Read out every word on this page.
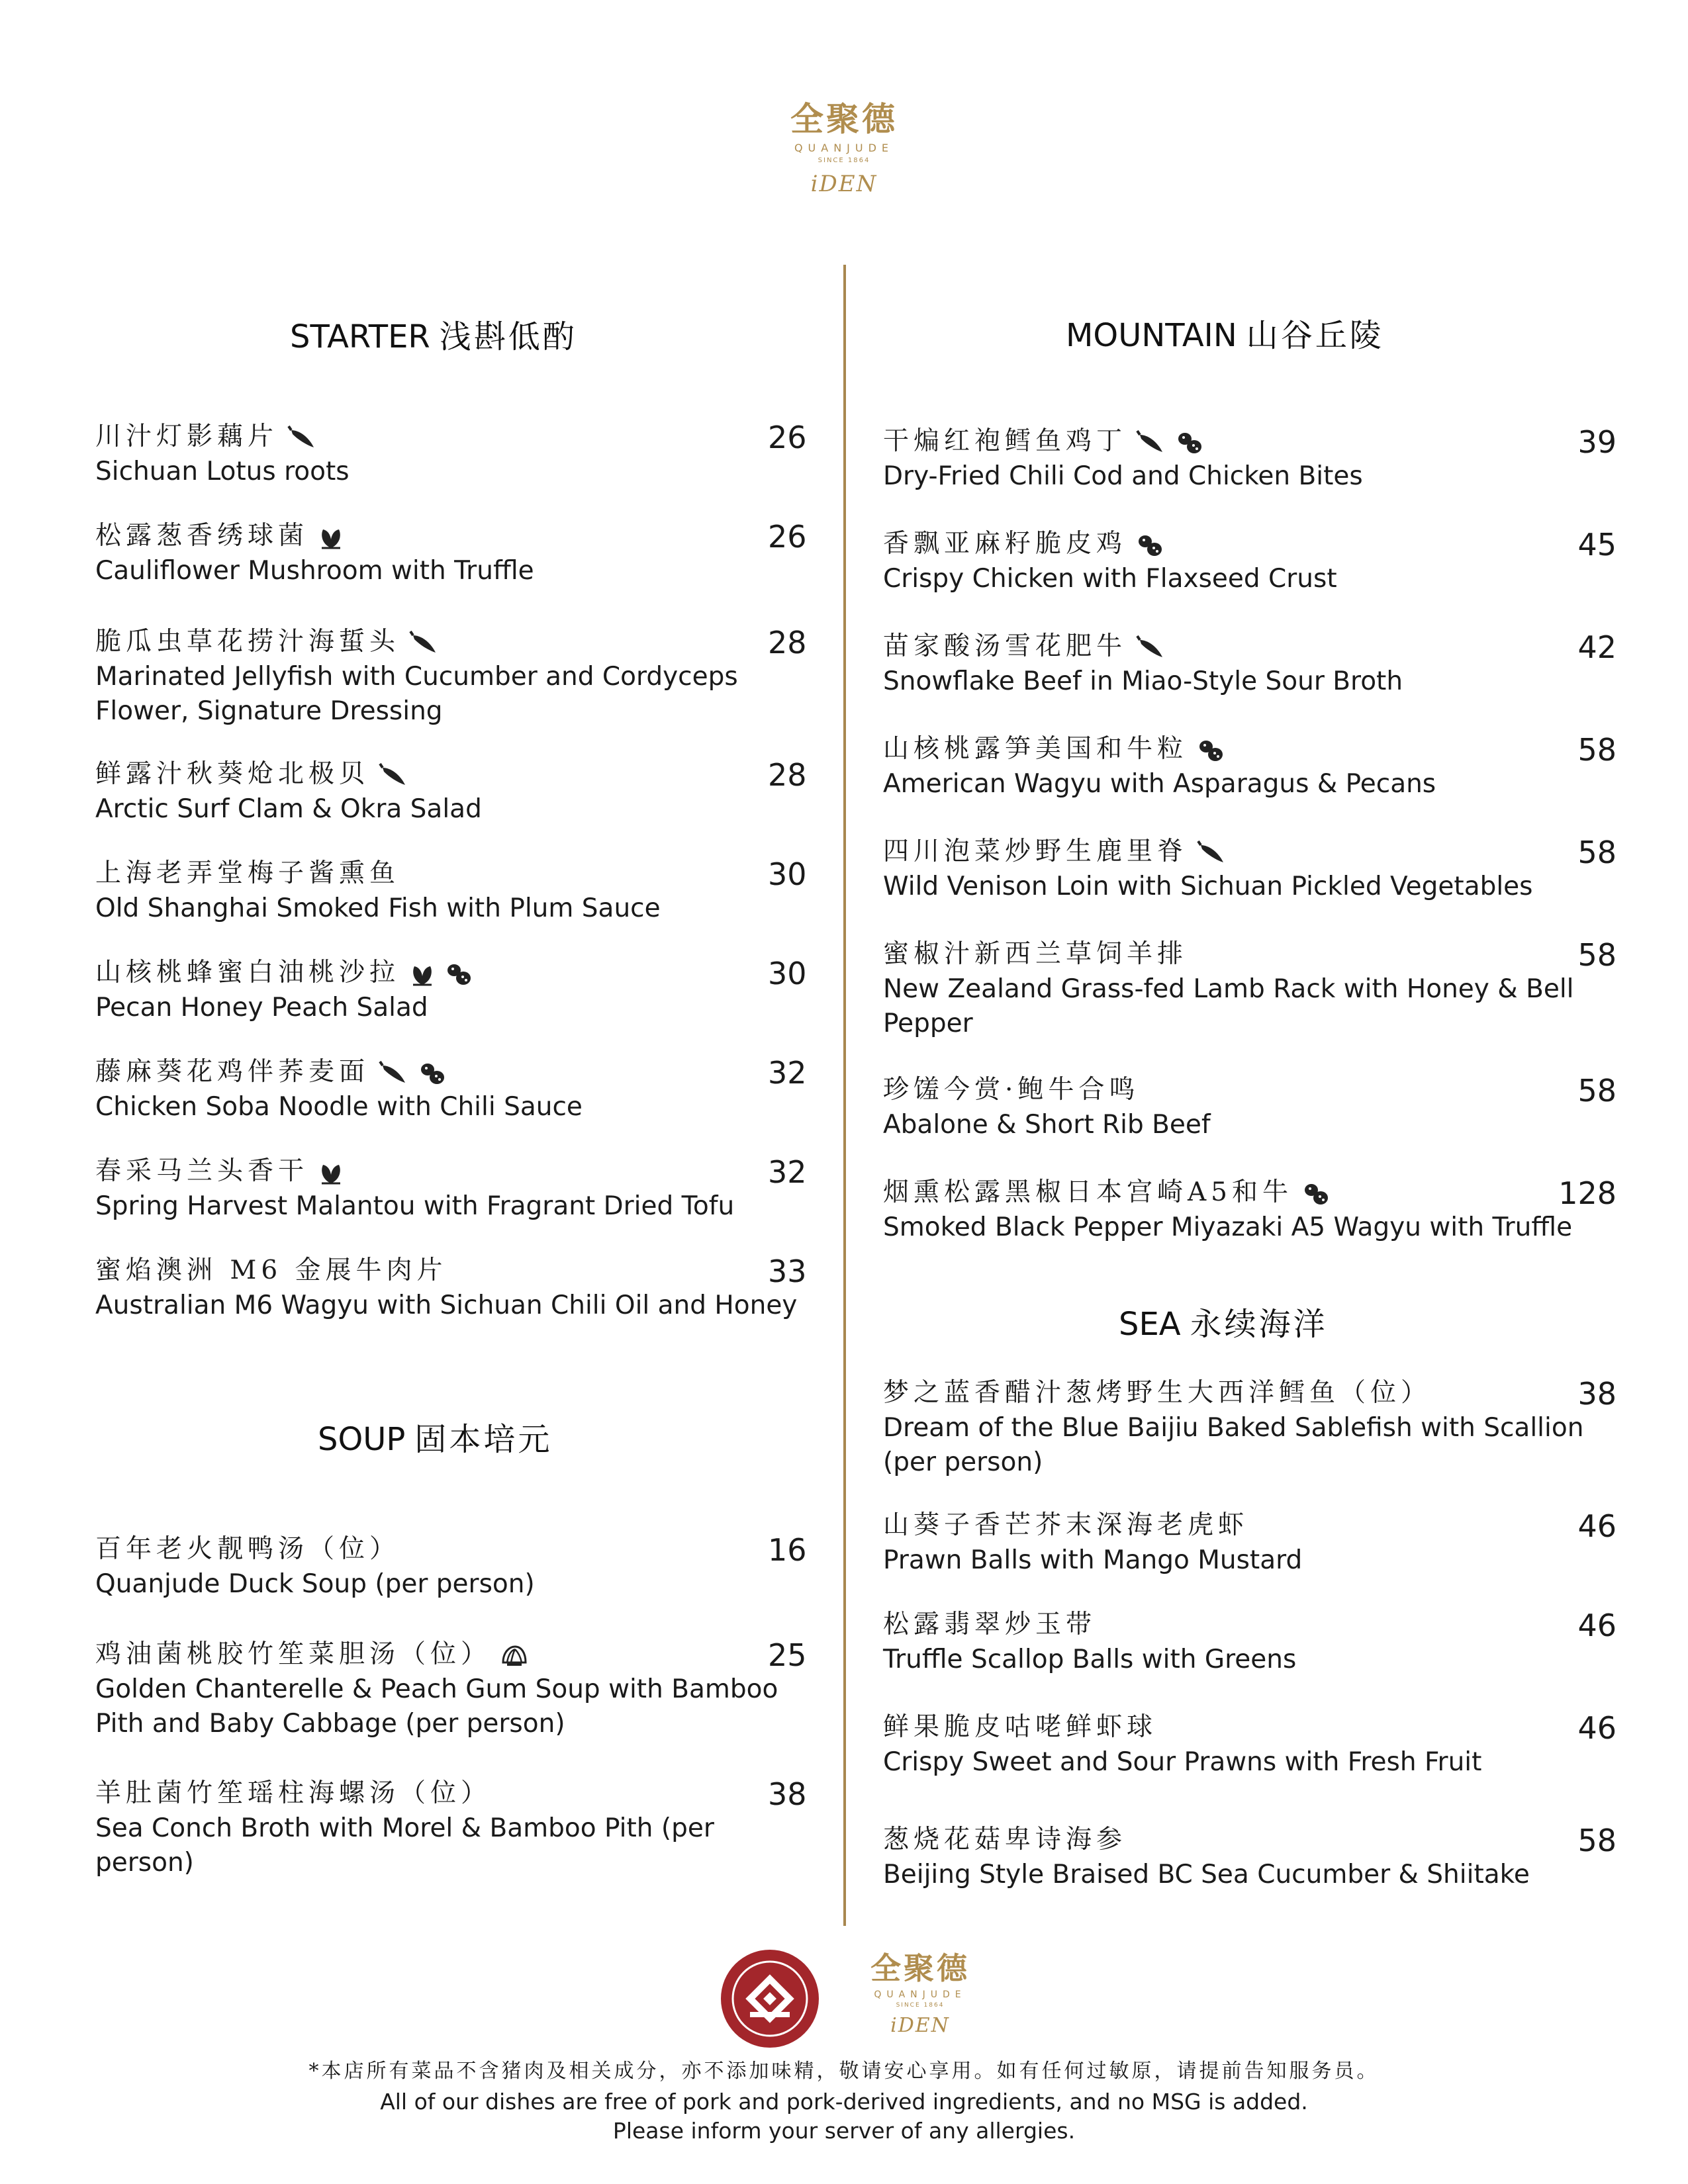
全聚德
QUANJUDE
SINCE 1864
iDEN
STARTER 浅斟低酌
川汁灯影藕片
Sichuan Lotus roots
26
松露葱香绣球菌
Cauliflower Mushroom with Truffle
26
脆瓜虫草花捞汁海蜇头
Marinated Jellyfish with Cucumber and Cordyceps Flower, Signature Dressing
28
鲜露汁秋葵炝北极贝
Arctic Surf Clam & Okra Salad
28
上海老弄堂梅子酱熏鱼
Old Shanghai Smoked Fish with Plum Sauce
30
山核桃蜂蜜白油桃沙拉
Pecan Honey Peach Salad
30
藤麻葵花鸡伴荞麦面
Chicken Soba Noodle with Chili Sauce
32
春采马兰头香干
Spring Harvest Malantou with Fragrant Dried Tofu
32
蜜焰澳洲 M6 金展牛肉片
Australian M6 Wagyu with Sichuan Chili Oil and Honey
33
SOUP 固本培元
百年老火靓鸭汤（位）
Quanjude Duck Soup (per person)
16
鸡油菌桃胶竹笙菜胆汤（位）
Golden Chanterelle & Peach Gum Soup with Bamboo Pith and Baby Cabbage (per person)
25
羊肚菌竹笙瑶柱海螺汤（位）
Sea Conch Broth with Morel & Bamboo Pith (per person)
38
MOUNTAIN 山谷丘陵
干煸红袍鳕鱼鸡丁
Dry-Fried Chili Cod and Chicken Bites
39
香飘亚麻籽脆皮鸡
Crispy Chicken with Flaxseed Crust
45
苗家酸汤雪花肥牛
Snowflake Beef in Miao-Style Sour Broth
42
山核桃露笋美国和牛粒
American Wagyu with Asparagus & Pecans
58
四川泡菜炒野生鹿里脊
Wild Venison Loin with Sichuan Pickled Vegetables
58
蜜椒汁新西兰草饲羊排
New Zealand Grass-fed Lamb Rack with Honey & Bell Pepper
58
珍馐今赏·鲍牛合鸣
Abalone & Short Rib Beef
58
烟熏松露黑椒日本宫崎A5和牛
Smoked Black Pepper Miyazaki A5 Wagyu with Truffle
128
SEA 永续海洋
梦之蓝香醋汁葱烤野生大西洋鳕鱼（位）
Dream of the Blue Baijiu Baked Sablefish with Scallion (per person)
38
山葵子香芒芥末深海老虎虾
Prawn Balls with Mango Mustard
46
松露翡翠炒玉带
Truffle Scallop Balls with Greens
46
鲜果脆皮咕咾鲜虾球
Crispy Sweet and Sour Prawns with Fresh Fruit
46
葱烧花菇卑诗海参
Beijing Style Braised BC Sea Cucumber & Shiitake
58
全聚德
QUANJUDE
SINCE 1864
iDEN
*本店所有菜品不含猪肉及相关成分，亦不添加味精，敬请安心享用。如有任何过敏原，请提前告知服务员。
All of our dishes are free of pork and pork-derived ingredients, and no MSG is added.
Please inform your server of any allergies.
